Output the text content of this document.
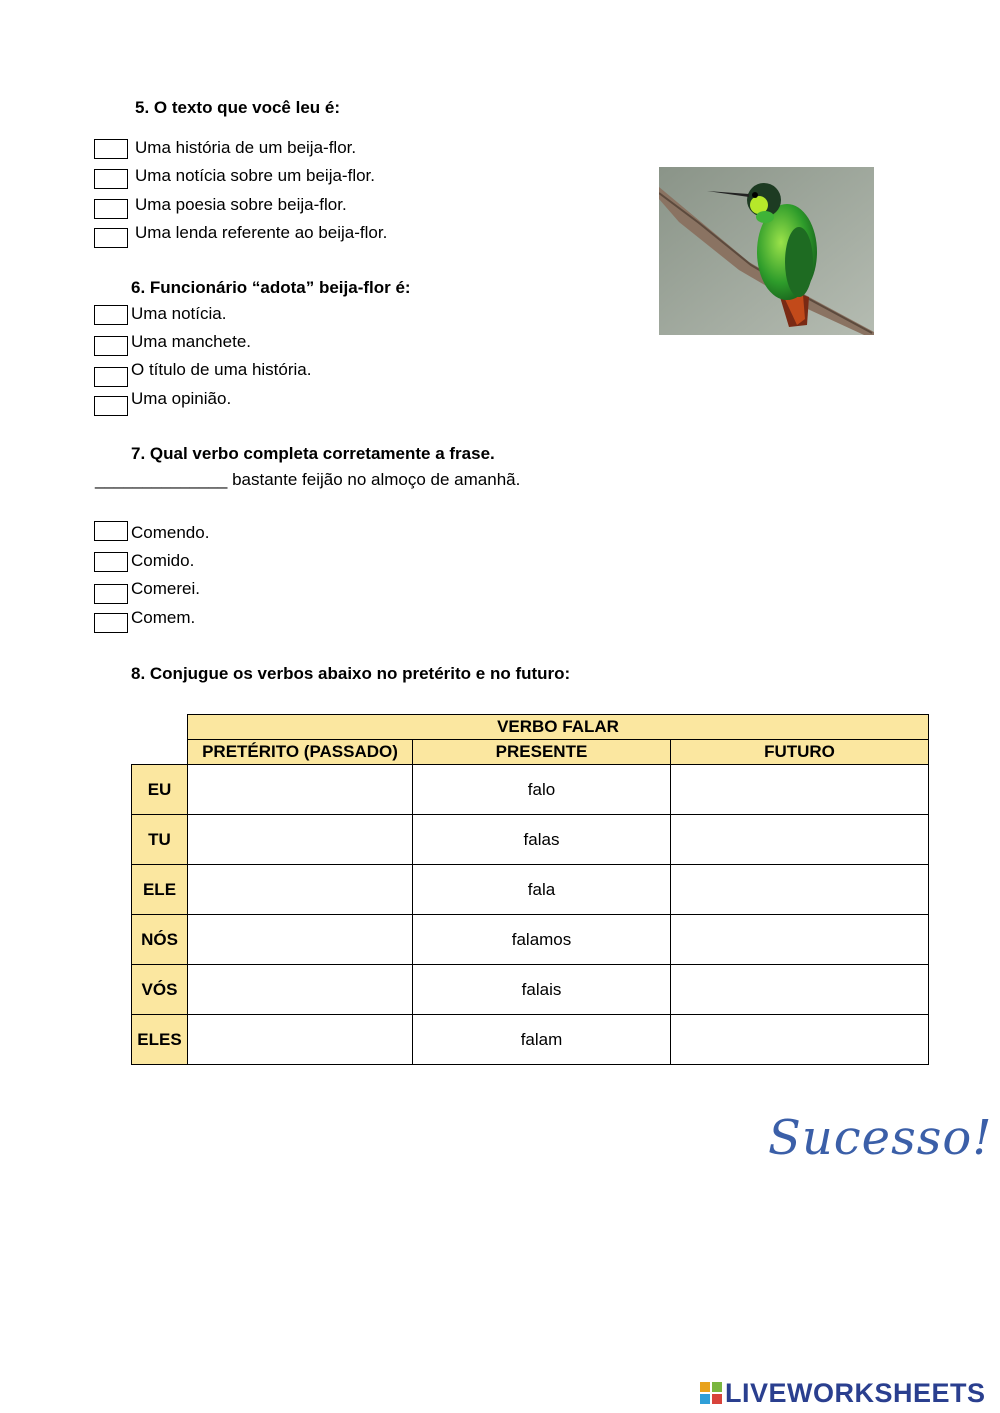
5. O texto que você leu é:
Uma história de um beija-flor.
Uma notícia sobre um beija-flor.
Uma poesia sobre beija-flor.
Uma lenda referente ao beija-flor.
6. Funcionário “adota” beija-flor é:
Uma notícia.
Uma manchete.
O título de uma história.
Uma opinião.
7. Qual verbo completa corretamente a frase.
______________ bastante feijão no almoço de amanhã.
Comendo.
Comido.
Comerei.
Comem.
8. Conjugue os verbos abaixo no pretérito e no futuro:
	VERBO FALAR		
	PRETÉRITO (PASSADO)	PRESENTE	FUTURO
EU		falo	
TU		falas	
ELE		fala	
NÓS		falamos	
VÓS		falais	
ELES		falam	
Sucesso!
LIVEWORKSHEETS
